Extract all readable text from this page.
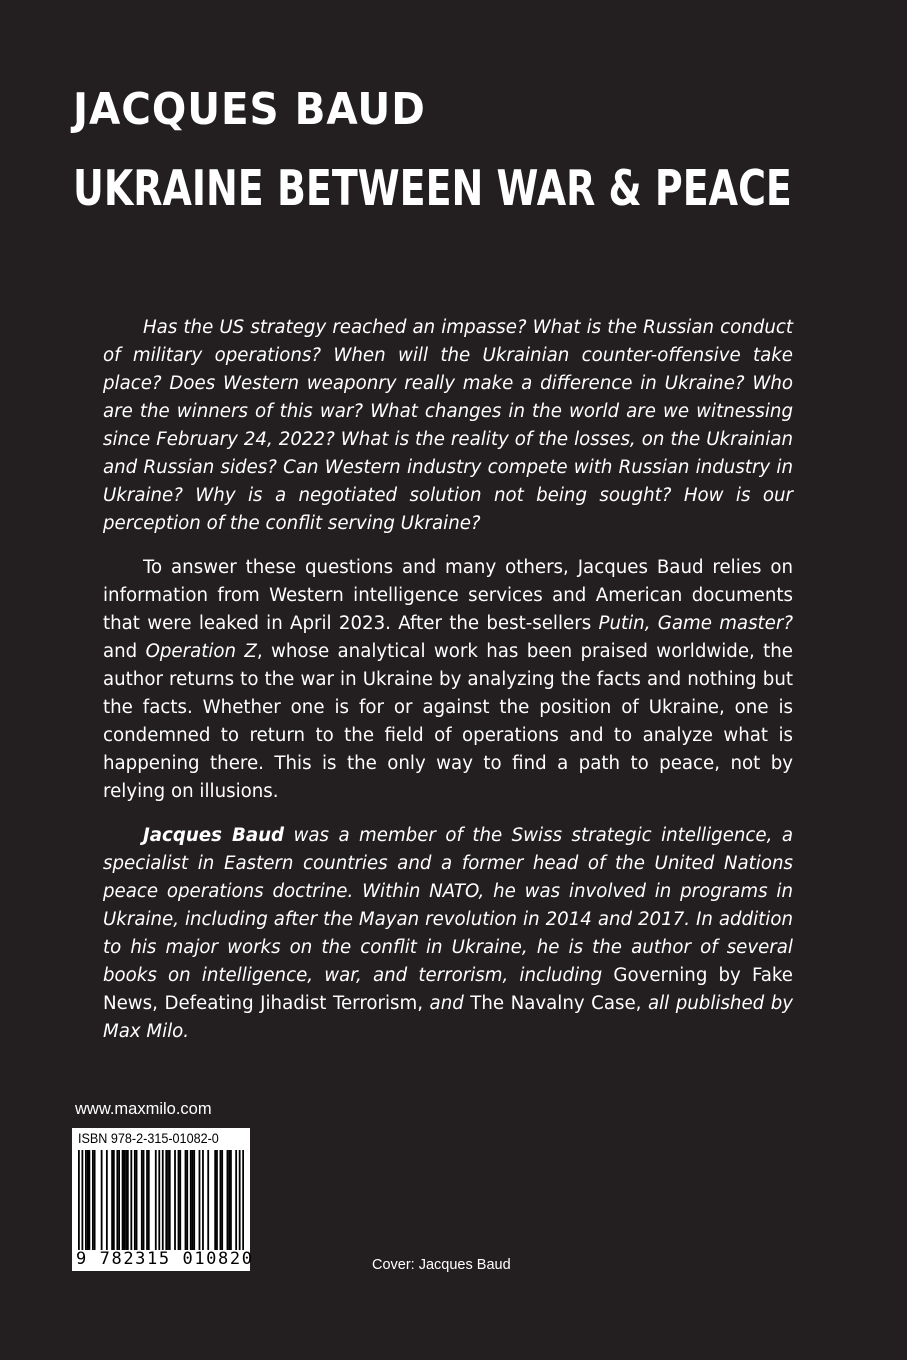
JACQUES BAUD
UKRAINE BETWEEN WAR & PEACE

Has the US strategy reached an impasse? What is the Russian conduct of military operations? When will the Ukrainian counter-offensive take place? Does Western weaponry really make a difference in Ukraine? Who are the winners of this war? What changes in the world are we witnessing since February 24, 2022? What is the reality of the losses, on the Ukrainian and Russian sides? Can Western industry compete with Russian industry in Ukraine? Why is a negotiated solution not being sought? How is our perception of the conflit serving Ukraine?

To answer these questions and many others, Jacques Baud relies on information from Western intelligence services and American documents that were leaked in April 2023. After the best-sellers Putin, Game master? and Operation Z, whose analytical work has been praised worldwide, the author returns to the war in Ukraine by analyzing the facts and nothing but the facts. Whether one is for or against the position of Ukraine, one is condemned to return to the field of operations and to analyze what is happening there. This is the only way to find a path to peace, not by relying on illusions.

Jacques Baud was a member of the Swiss strategic intelligence, a specialist in Eastern countries and a former head of the United Nations peace operations doctrine. Within NATO, he was involved in programs in Ukraine, including after the Mayan revolution in 2014 and 2017. In addition to his major works on the conflit in Ukraine, he is the author of several books on intelligence, war, and terrorism, including Governing by Fake News, Defeating Jihadist Terrorism, and The Navalny Case, all published by Max Milo.

www.maxmilo.com
ISBN 978-2-315-01082-0
9 782315 010820	Cover: Jacques Baud
